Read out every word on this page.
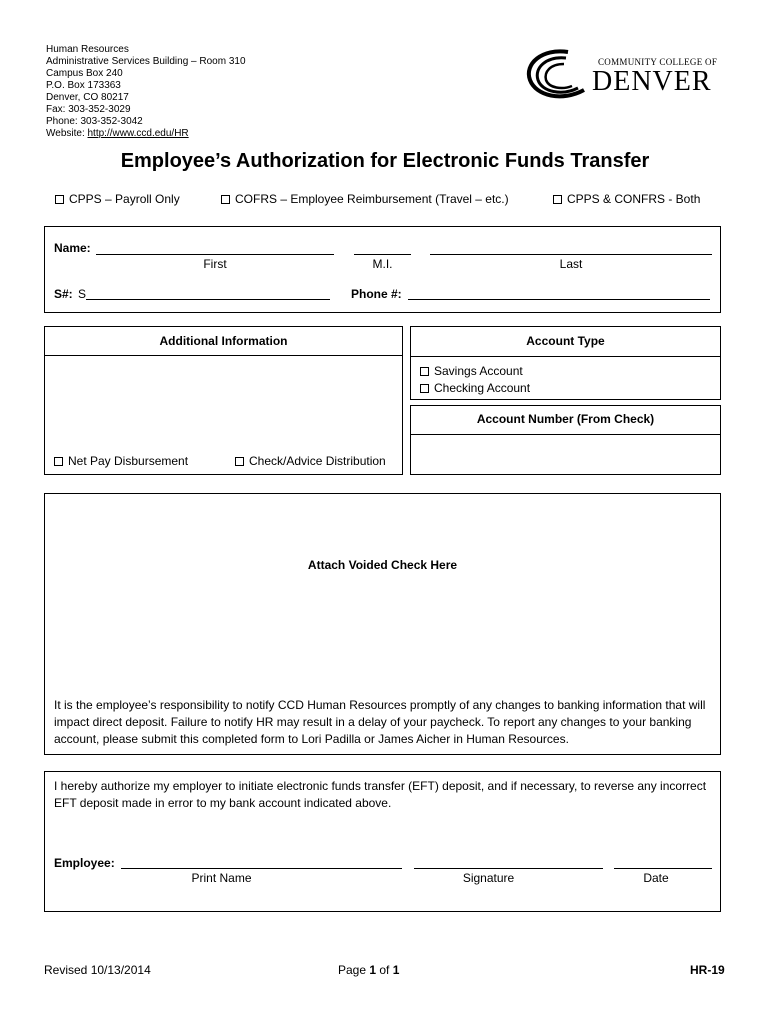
Human Resources
Administrative Services Building – Room 310
Campus Box 240
P.O. Box 173363
Denver, CO 80217
Fax: 303-352-3029
Phone: 303-352-3042
Website: http://www.ccd.edu/HR
COMMUNITY COLLEGE OF
DENVER
Employee’s Authorization for Electronic Funds Transfer
CPPS – Payroll Only	COFRS – Employee Reimbursement (Travel – etc.)	CPPS & CONFRS - Both
Name:
First	M.I.	Last
S#: S	Phone #:
Additional Information
Net Pay Disbursement	Check/Advice Distribution
Account Type
Savings Account
Checking Account
Account Number (From Check)
Attach Voided Check Here
It is the employee’s responsibility to notify CCD Human Resources promptly of any changes to banking information that will impact direct deposit. Failure to notify HR may result in a delay of your paycheck. To report any changes to your banking account, please submit this completed form to Lori Padilla or James Aicher in Human Resources.
I hereby authorize my employer to initiate electronic funds transfer (EFT) deposit, and if necessary, to reverse any incorrect EFT deposit made in error to my bank account indicated above.
Employee:
Print Name	Signature	Date
Revised 10/13/2014	Page 1 of 1	HR-19
